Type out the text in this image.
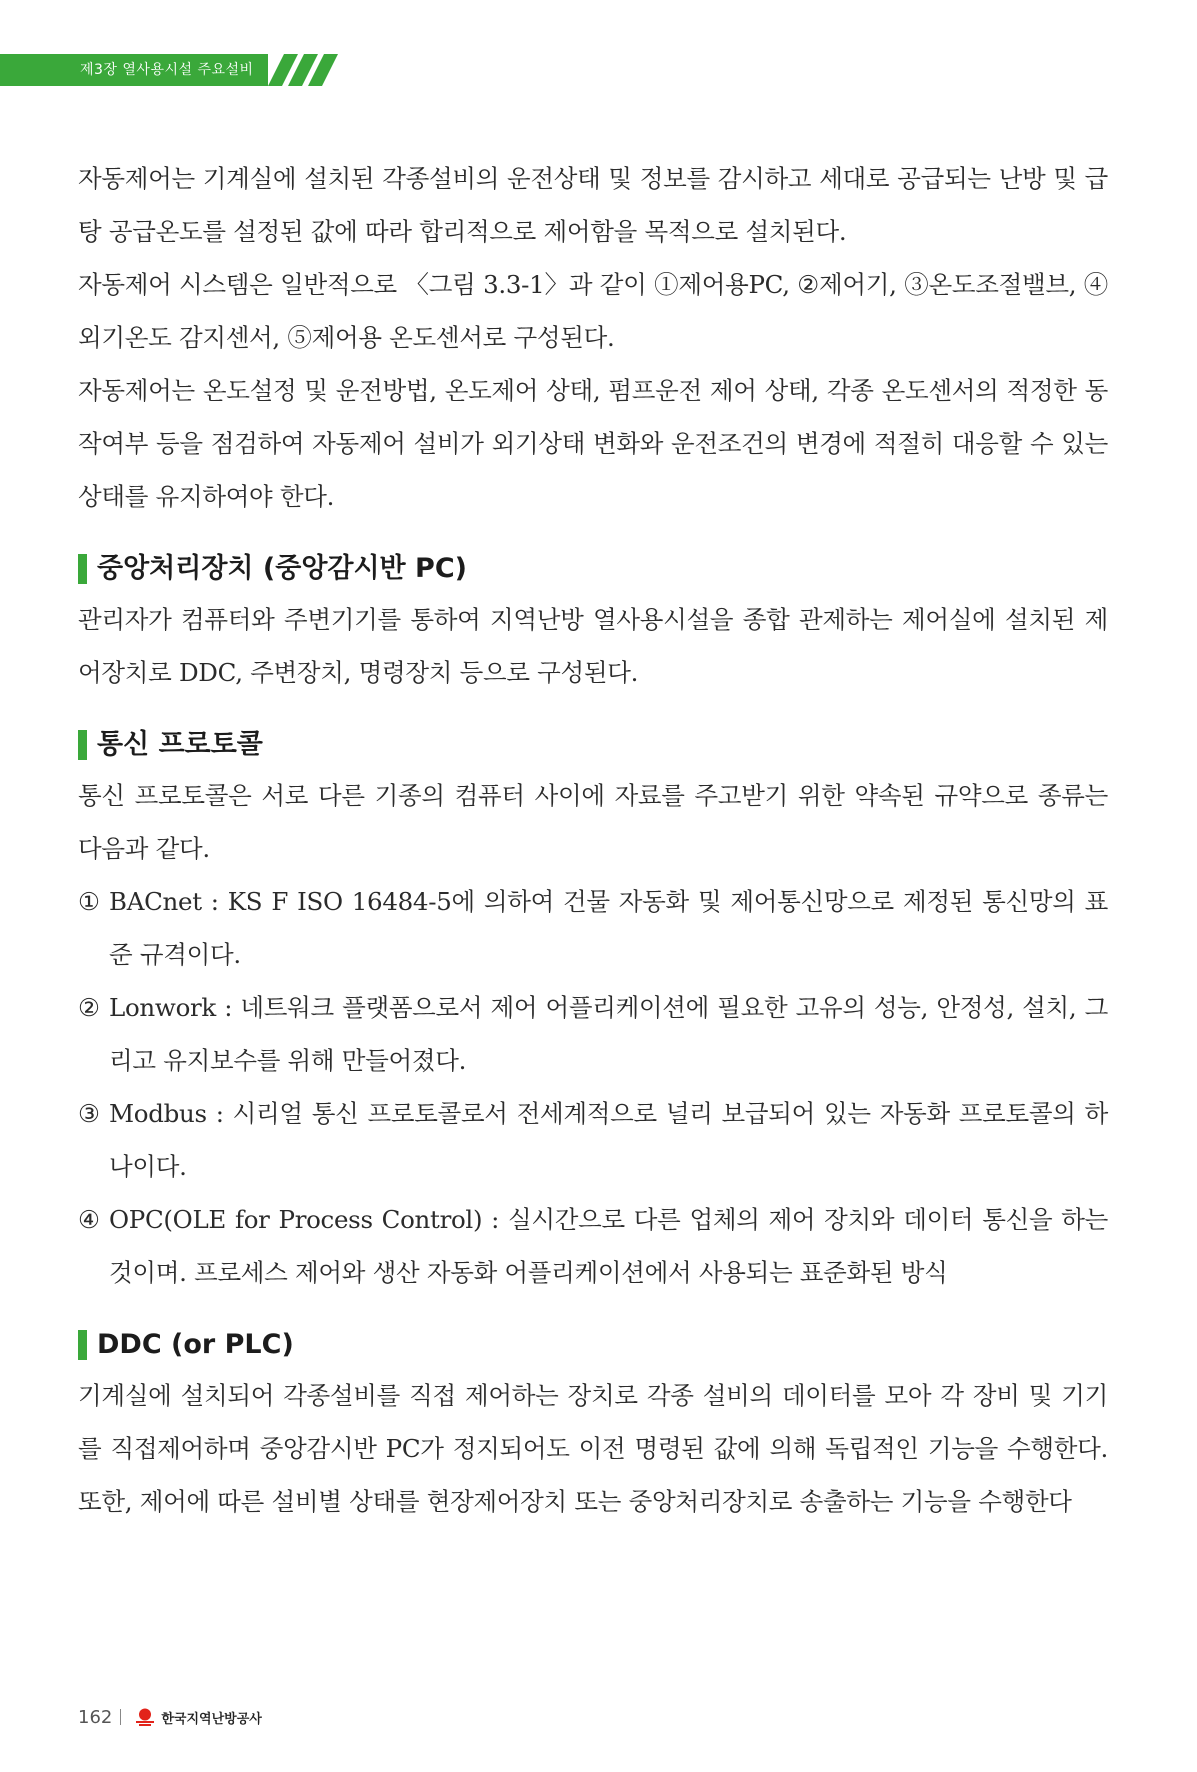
제3장 열사용시설 주요설비

자동제어는 기계실에 설치된 각종설비의 운전상태 및 정보를 감시하고 세대로 공급되는 난방 및 급탕 공급온도를 설정된 값에 따라 합리적으로 제어함을 목적으로 설치된다.

자동제어 시스템은 일반적으로 〈그림 3.3-1〉과 같이 ①제어용PC, ②제어기, ③온도조절밸브, ④ 외기온도 감지센서, ⑤제어용 온도센서로 구성된다.

자동제어는 온도설정 및 운전방법, 온도제어 상태, 펌프운전 제어 상태, 각종 온도센서의 적정한 동작여부 등을 점검하여 자동제어 설비가 외기상태 변화와 운전조건의 변경에 적절히 대응할 수 있는 상태를 유지하여야 한다.

중앙처리장치 (중앙감시반 PC)

관리자가 컴퓨터와 주변기기를 통하여 지역난방 열사용시설을 종합 관제하는 제어실에 설치된 제어장치로 DDC, 주변장치, 명령장치 등으로 구성된다.

통신 프로토콜

통신 프로토콜은 서로 다른 기종의 컴퓨터 사이에 자료를 주고받기 위한 약속된 규약으로 종류는 다음과 같다.

① BACnet : KS F ISO 16484-5에 의하여 건물 자동화 및 제어통신망으로 제정된 통신망의 표준 규격이다.
② Lonwork : 네트워크 플랫폼으로서 제어 어플리케이션에 필요한 고유의 성능, 안정성, 설치, 그리고 유지보수를 위해 만들어졌다.
③ Modbus : 시리얼 통신 프로토콜로서 전세계적으로 널리 보급되어 있는 자동화 프로토콜의 하나이다.
④ OPC(OLE for Process Control) : 실시간으로 다른 업체의 제어 장치와 데이터 통신을 하는 것이며. 프로세스 제어와 생산 자동화 어플리케이션에서 사용되는 표준화된 방식
DDC (or PLC)

기계실에 설치되어 각종설비를 직접 제어하는 장치로 각종 설비의 데이터를 모아 각 장비 및 기기를 직접제어하며 중앙감시반 PC가 정지되어도 이전 명령된 값에 의해 독립적인 기능을 수행한다. 또한, 제어에 따른 설비별 상태를 현장제어장치 또는 중앙처리장치로 송출하는 기능을 수행한다

162	한국지역난방공사
